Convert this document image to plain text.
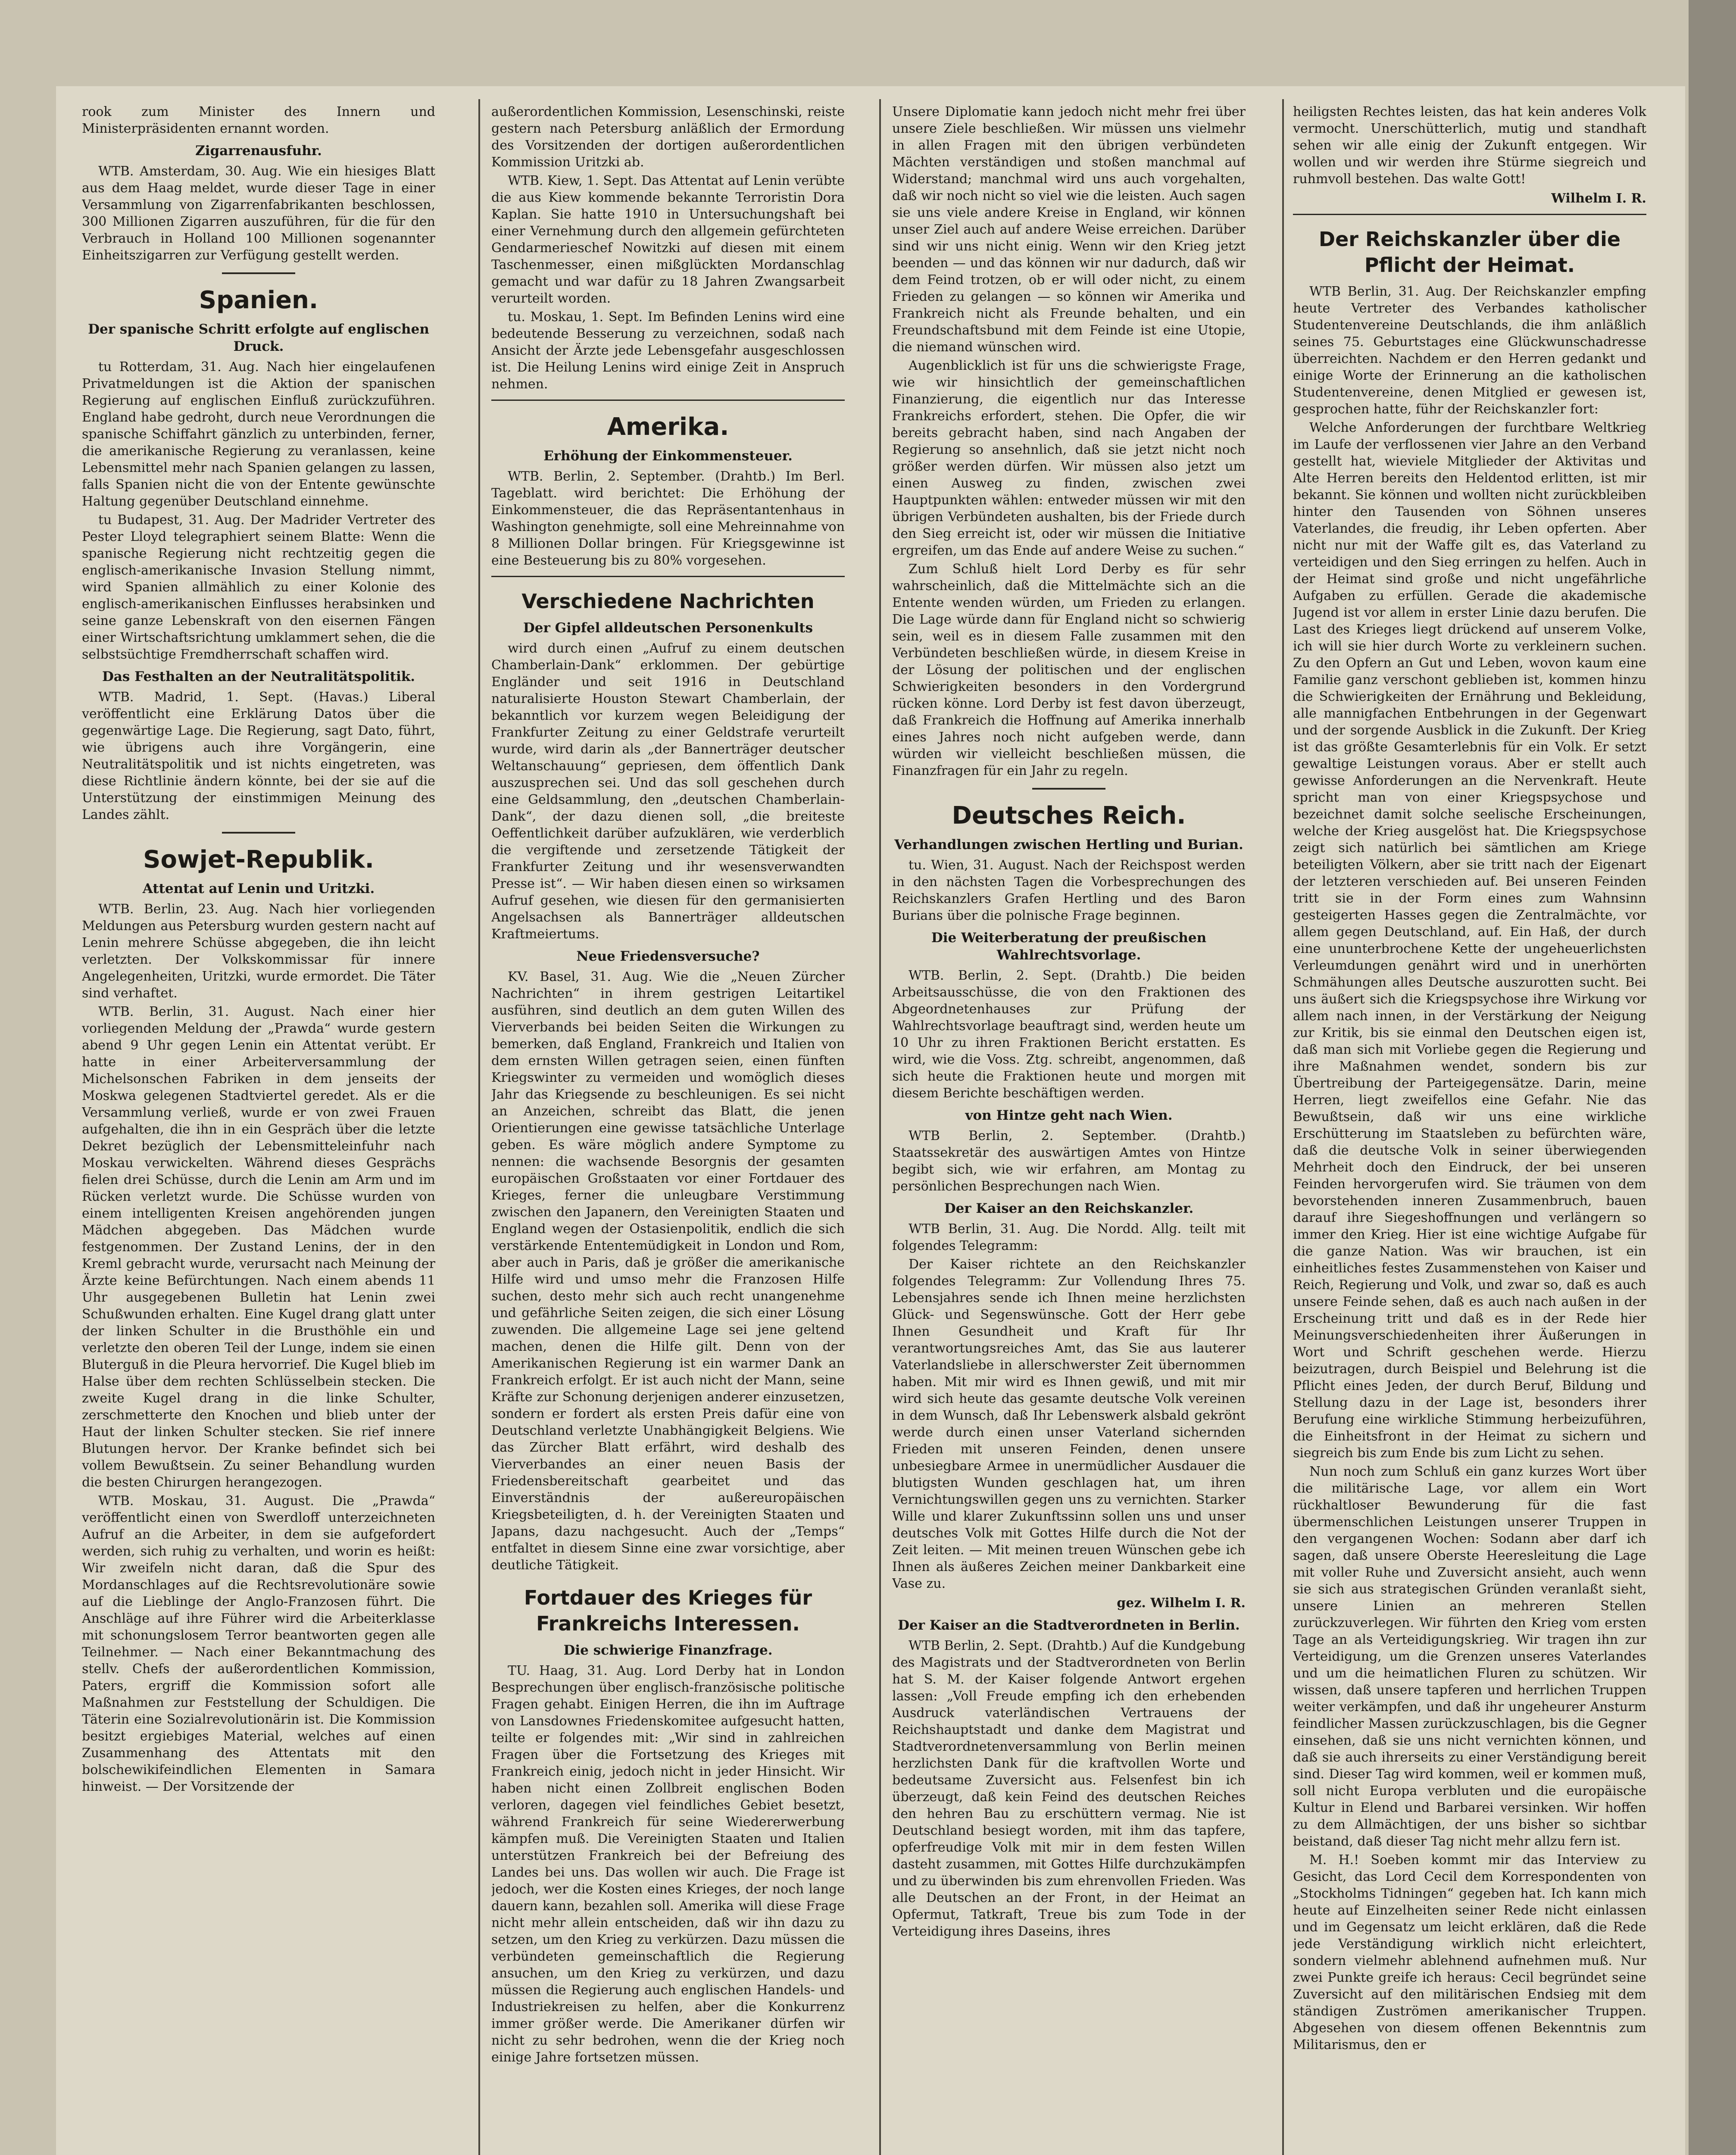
rook zum Minister des Innern und Ministerpräsidenten ernannt worden.

Zigarrenausfuhr.

WTB. Amsterdam, 30. Aug. Wie ein hiesiges Blatt aus dem Haag meldet, wurde dieser Tage in einer Versammlung von Zigarrenfabrikanten beschlossen, 300 Millionen Zigarren auszuführen, für die für den Verbrauch in Holland 100 Millionen sogenannter Einheitszigarren zur Verfügung gestellt werden.

Spanien.
Der spanische Schritt erfolgte auf englischen Druck.

tu Rotterdam, 31. Aug. Nach hier eingelaufenen Privatmeldungen ist die Aktion der spanischen Regierung auf englischen Einfluß zurückzuführen. England habe gedroht, durch neue Verordnungen die spanische Schiffahrt gänzlich zu unterbinden, ferner, die amerikanische Regierung zu veranlassen, keine Lebensmittel mehr nach Spanien gelangen zu lassen, falls Spanien nicht die von der Entente gewünschte Haltung gegenüber Deutschland einnehme.

tu Budapest, 31. Aug. Der Madrider Vertreter des Pester Lloyd telegraphiert seinem Blatte: Wenn die spanische Regierung nicht rechtzeitig gegen die englisch-amerikanische Invasion Stellung nimmt, wird Spanien allmählich zu einer Kolonie des englisch-amerikanischen Einflusses herabsinken und seine ganze Lebenskraft von den eisernen Fängen einer Wirtschaftsrichtung umklammert sehen, die die selbstsüchtige Fremdherrschaft schaffen wird.

Das Festhalten an der Neutralitätspolitik.

WTB. Madrid, 1. Sept. (Havas.) Liberal veröffentlicht eine Erklärung Datos über die gegenwärtige Lage. Die Regierung, sagt Dato, führt, wie übrigens auch ihre Vorgängerin, eine Neutralitätspolitik und ist nichts eingetreten, was diese Richtlinie ändern könnte, bei der sie auf die Unterstützung der einstimmigen Meinung des Landes zählt.

Sowjet-Republik.
Attentat auf Lenin und Uritzki.

WTB. Berlin, 23. Aug. Nach hier vorliegenden Meldungen aus Petersburg wurden gestern nacht auf Lenin mehrere Schüsse abgegeben, die ihn leicht verletzten. Der Volkskommissar für innere Angelegenheiten, Uritzki, wurde ermordet. Die Täter sind verhaftet.

WTB. Berlin, 31. August. Nach einer hier vorliegenden Meldung der „Prawda“ wurde gestern abend 9 Uhr gegen Lenin ein Attentat verübt. Er hatte in einer Arbeiterversammlung der Michelsonschen Fabriken in dem jenseits der Moskwa gelegenen Stadtviertel geredet. Als er die Versammlung verließ, wurde er von zwei Frauen aufgehalten, die ihn in ein Gespräch über die letzte Dekret bezüglich der Lebensmitteleinfuhr nach Moskau verwickelten. Während dieses Gesprächs fielen drei Schüsse, durch die Lenin am Arm und im Rücken verletzt wurde. Die Schüsse wurden von einem intelligenten Kreisen angehörenden jungen Mädchen abgegeben. Das Mädchen wurde festgenommen. Der Zustand Lenins, der in den Kreml gebracht wurde, verursacht nach Meinung der Ärzte keine Befürchtungen. Nach einem abends 11 Uhr ausgegebenen Bulletin hat Lenin zwei Schußwunden erhalten. Eine Kugel drang glatt unter der linken Schulter in die Brusthöhle ein und verletzte den oberen Teil der Lunge, indem sie einen Bluterguß in die Pleura hervorrief. Die Kugel blieb im Halse über dem rechten Schlüsselbein stecken. Die zweite Kugel drang in die linke Schulter, zerschmetterte den Knochen und blieb unter der Haut der linken Schulter stecken. Sie rief innere Blutungen hervor. Der Kranke befindet sich bei vollem Bewußtsein. Zu seiner Behandlung wurden die besten Chirurgen herangezogen.

WTB. Moskau, 31. August. Die „Prawda“ veröffentlicht einen von Swerdloff unterzeichneten Aufruf an die Arbeiter, in dem sie aufgefordert werden, sich ruhig zu verhalten, und worin es heißt: Wir zweifeln nicht daran, daß die Spur des Mordanschlages auf die Rechtsrevolutionäre sowie auf die Lieblinge der Anglo-Franzosen führt. Die Anschläge auf ihre Führer wird die Arbeiterklasse mit schonungslosem Terror beantworten gegen alle Teilnehmer. — Nach einer Bekanntmachung des stellv. Chefs der außerordentlichen Kommission, Paters, ergriff die Kommission sofort alle Maßnahmen zur Feststellung der Schuldigen. Die Täterin eine Sozialrevolutionärin ist. Die Kommission besitzt ergiebiges Material, welches auf einen Zusammenhang des Attentats mit den bolschewikifeindlichen Elementen in Samara hinweist. — Der Vorsitzende der

außerordentlichen Kommission, Lesenschinski, reiste gestern nach Petersburg anläßlich der Ermordung des Vorsitzenden der dortigen außerordentlichen Kommission Uritzki ab.

WTB. Kiew, 1. Sept. Das Attentat auf Lenin verübte die aus Kiew kommende bekannte Terroristin Dora Kaplan. Sie hatte 1910 in Untersuchungshaft bei einer Vernehmung durch den allgemein gefürchteten Gendarmerieschef Nowitzki auf diesen mit einem Taschenmesser, einen mißglückten Mordanschlag gemacht und war dafür zu 18 Jahren Zwangsarbeit verurteilt worden.

tu. Moskau, 1. Sept. Im Befinden Lenins wird eine bedeutende Besserung zu verzeichnen, sodaß nach Ansicht der Ärzte jede Lebensgefahr ausgeschlossen ist. Die Heilung Lenins wird einige Zeit in Anspruch nehmen.

Amerika.
Erhöhung der Einkommensteuer.

WTB. Berlin, 2. September. (Drahtb.) Im Berl. Tageblatt. wird berichtet: Die Erhöhung der Einkommensteuer, die das Repräsentantenhaus in Washington genehmigte, soll eine Mehreinnahme von 8 Millionen Dollar bringen. Für Kriegsgewinne ist eine Besteuerung bis zu 80% vorgesehen.

Verschiedene Nachrichten
Der Gipfel alldeutschen Personenkults

wird durch einen „Aufruf zu einem deutschen Chamberlain-Dank“ erklommen. Der gebürtige Engländer und seit 1916 in Deutschland naturalisierte Houston Stewart Chamberlain, der bekanntlich vor kurzem wegen Beleidigung der Frankfurter Zeitung zu einer Geldstrafe verurteilt wurde, wird darin als „der Bannerträger deutscher Weltanschauung“ gepriesen, dem öffentlich Dank auszusprechen sei. Und das soll geschehen durch eine Geldsammlung, den „deutschen Chamberlain-Dank“, der dazu dienen soll, „die breiteste Oeffentlichkeit darüber aufzuklären, wie verderblich die vergiftende und zersetzende Tätigkeit der Frankfurter Zeitung und ihr wesensverwandten Presse ist“. — Wir haben diesen einen so wirksamen Aufruf gesehen, wie diesen für den germanisierten Angelsachsen als Bannerträger alldeutschen Kraftmeiertums.

Neue Friedensversuche?

KV. Basel, 31. Aug. Wie die „Neuen Zürcher Nachrichten“ in ihrem gestrigen Leitartikel ausführen, sind deutlich an dem guten Willen des Vierverbands bei beiden Seiten die Wirkungen zu bemerken, daß England, Frankreich und Italien von dem ernsten Willen getragen seien, einen fünften Kriegswinter zu vermeiden und womöglich dieses Jahr das Kriegsende zu beschleunigen. Es sei nicht an Anzeichen, schreibt das Blatt, die jenen Orientierungen eine gewisse tatsächliche Unterlage geben. Es wäre möglich andere Symptome zu nennen: die wachsende Besorgnis der gesamten europäischen Großstaaten vor einer Fortdauer des Krieges, ferner die unleugbare Verstimmung zwischen den Japanern, den Vereinigten Staaten und England wegen der Ostasienpolitik, endlich die sich verstärkende Ententemüdigkeit in London und Rom, aber auch in Paris, daß je größer die amerikanische Hilfe wird und umso mehr die Franzosen Hilfe suchen, desto mehr sich auch recht unangenehme und gefährliche Seiten zeigen, die sich einer Lösung zuwenden. Die allgemeine Lage sei jene geltend machen, denen die Hilfe gilt. Denn von der Amerikanischen Regierung ist ein warmer Dank an Frankreich erfolgt. Er ist auch nicht der Mann, seine Kräfte zur Schonung derjenigen anderer einzusetzen, sondern er fordert als ersten Preis dafür eine von Deutschland verletzte Unabhängigkeit Belgiens. Wie das Zürcher Blatt erfährt, wird deshalb des Vierverbandes an einer neuen Basis der Friedensbereitschaft gearbeitet und das Einverständnis der außereuropäischen Kriegsbeteiligten, d. h. der Vereinigten Staaten und Japans, dazu nachgesucht. Auch der „Temps“ entfaltet in diesem Sinne eine zwar vorsichtige, aber deutliche Tätigkeit.

Fortdauer des Krieges für Frankreichs Interessen.
Die schwierige Finanzfrage.

TU. Haag, 31. Aug. Lord Derby hat in London Besprechungen über englisch-französische politische Fragen gehabt. Einigen Herren, die ihn im Auftrage von Lansdownes Friedenskomitee aufgesucht hatten, teilte er folgendes mit: „Wir sind in zahlreichen Fragen über die Fortsetzung des Krieges mit Frankreich einig, jedoch nicht in jeder Hinsicht. Wir haben nicht einen Zollbreit englischen Boden verloren, dagegen viel feindliches Gebiet besetzt, während Frankreich für seine Wiedererwerbung kämpfen muß. Die Vereinigten Staaten und Italien unterstützen Frankreich bei der Befreiung des Landes bei uns. Das wollen wir auch. Die Frage ist jedoch, wer die Kosten eines Krieges, der noch lange dauern kann, bezahlen soll. Amerika will diese Frage nicht mehr allein entscheiden, daß wir ihn dazu zu setzen, um den Krieg zu verkürzen. Dazu müssen die verbündeten gemeinschaftlich die Regierung ansuchen, um den Krieg zu verkürzen, und dazu müssen die Regierung auch englischen Handels- und Industriekreisen zu helfen, aber die Konkurrenz immer größer werde. Die Amerikaner dürfen wir nicht zu sehr bedrohen, wenn die der Krieg noch einige Jahre fortsetzen müssen.

Unsere Diplomatie kann jedoch nicht mehr frei über unsere Ziele beschließen. Wir müssen uns vielmehr in allen Fragen mit den übrigen verbündeten Mächten verständigen und stoßen manchmal auf Widerstand; manchmal wird uns auch vorgehalten, daß wir noch nicht so viel wie die leisten. Auch sagen sie uns viele andere Kreise in England, wir können unser Ziel auch auf andere Weise erreichen. Darüber sind wir uns nicht einig. Wenn wir den Krieg jetzt beenden — und das können wir nur dadurch, daß wir dem Feind trotzen, ob er will oder nicht, zu einem Frieden zu gelangen — so können wir Amerika und Frankreich nicht als Freunde behalten, und ein Freundschaftsbund mit dem Feinde ist eine Utopie, die niemand wünschen wird.

Augenblicklich ist für uns die schwierigste Frage, wie wir hinsichtlich der gemeinschaftlichen Finanzierung, die eigentlich nur das Interesse Frankreichs erfordert, stehen. Die Opfer, die wir bereits gebracht haben, sind nach Angaben der Regierung so ansehnlich, daß sie jetzt nicht noch größer werden dürfen. Wir müssen also jetzt um einen Ausweg zu finden, zwischen zwei Hauptpunkten wählen: entweder müssen wir mit den übrigen Verbündeten aushalten, bis der Friede durch den Sieg erreicht ist, oder wir müssen die Initiative ergreifen, um das Ende auf andere Weise zu suchen.“

Zum Schluß hielt Lord Derby es für sehr wahrscheinlich, daß die Mittelmächte sich an die Entente wenden würden, um Frieden zu erlangen. Die Lage würde dann für England nicht so schwierig sein, weil es in diesem Falle zusammen mit den Verbündeten beschließen würde, in diesem Kreise in der Lösung der politischen und der englischen Schwierigkeiten besonders in den Vordergrund rücken könne. Lord Derby ist fest davon überzeugt, daß Frankreich die Hoffnung auf Amerika innerhalb eines Jahres noch nicht aufgeben werde, dann würden wir vielleicht beschließen müssen, die Finanzfragen für ein Jahr zu regeln.

Deutsches Reich.
Verhandlungen zwischen Hertling und Burian.

tu. Wien, 31. August. Nach der Reichspost werden in den nächsten Tagen die Vorbesprechungen des Reichskanzlers Grafen Hertling und des Baron Burians über die polnische Frage beginnen.

Die Weiterberatung der preußischen Wahlrechtsvorlage.

WTB. Berlin, 2. Sept. (Drahtb.) Die beiden Arbeitsausschüsse, die von den Fraktionen des Abgeordnetenhauses zur Prüfung der Wahlrechtsvorlage beauftragt sind, werden heute um 10 Uhr zu ihren Fraktionen Bericht erstatten. Es wird, wie die Voss. Ztg. schreibt, angenommen, daß sich heute die Fraktionen heute und morgen mit diesem Berichte beschäftigen werden.

von Hintze geht nach Wien.

WTB Berlin, 2. September. (Drahtb.) Staatssekretär des auswärtigen Amtes von Hintze begibt sich, wie wir erfahren, am Montag zu persönlichen Besprechungen nach Wien.

Der Kaiser an den Reichskanzler.

WTB Berlin, 31. Aug. Die Nordd. Allg. teilt mit folgendes Telegramm:

Der Kaiser richtete an den Reichskanzler folgendes Telegramm: Zur Vollendung Ihres 75. Lebensjahres sende ich Ihnen meine herzlichsten Glück- und Segenswünsche. Gott der Herr gebe Ihnen Gesundheit und Kraft für Ihr verantwortungsreiches Amt, das Sie aus lauterer Vaterlandsliebe in allerschwerster Zeit übernommen haben. Mit mir wird es Ihnen gewiß, und mit mir wird sich heute das gesamte deutsche Volk vereinen in dem Wunsch, daß Ihr Lebenswerk alsbald gekrönt werde durch einen unser Vaterland sichernden Frieden mit unseren Feinden, denen unsere unbesiegbare Armee in unermüdlicher Ausdauer die blutigsten Wunden geschlagen hat, um ihren Vernichtungswillen gegen uns zu vernichten. Starker Wille und klarer Zukunftssinn sollen uns und unser deutsches Volk mit Gottes Hilfe durch die Not der Zeit leiten. — Mit meinen treuen Wünschen gebe ich Ihnen als äußeres Zeichen meiner Dankbarkeit eine Vase zu.

gez. Wilhelm I. R.
Der Kaiser an die Stadtverordneten in Berlin.

WTB Berlin, 2. Sept. (Drahtb.) Auf die Kundgebung des Magistrats und der Stadtverordneten von Berlin hat S. M. der Kaiser folgende Antwort ergehen lassen: „Voll Freude empfing ich den erhebenden Ausdruck vaterländischen Vertrauens der Reichshauptstadt und danke dem Magistrat und Stadtverordnetenversammlung von Berlin meinen herzlichsten Dank für die kraftvollen Worte und bedeutsame Zuversicht aus. Felsenfest bin ich überzeugt, daß kein Feind des deutschen Reiches den hehren Bau zu erschüttern vermag. Nie ist Deutschland besiegt worden, mit ihm das tapfere, opferfreudige Volk mit mir in dem festen Willen dasteht zusammen, mit Gottes Hilfe durchzukämpfen und zu überwinden bis zum ehrenvollen Frieden. Was alle Deutschen an der Front, in der Heimat an Opfermut, Tatkraft, Treue bis zum Tode in der Verteidigung ihres Daseins, ihres

heiligsten Rechtes leisten, das hat kein anderes Volk vermocht. Unerschütterlich, mutig und standhaft sehen wir alle einig der Zukunft entgegen. Wir wollen und wir werden ihre Stürme siegreich und ruhmvoll bestehen. Das walte Gott!

Wilhelm I. R.
Der Reichskanzler über die Pflicht der Heimat.

WTB Berlin, 31. Aug. Der Reichskanzler empfing heute Vertreter des Verbandes katholischer Studentenvereine Deutschlands, die ihm anläßlich seines 75. Geburtstages eine Glückwunschadresse überreichten. Nachdem er den Herren gedankt und einige Worte der Erinnerung an die katholischen Studentenvereine, denen Mitglied er gewesen ist, gesprochen hatte, führ der Reichskanzler fort:

Welche Anforderungen der furchtbare Weltkrieg im Laufe der verflossenen vier Jahre an den Verband gestellt hat, wieviele Mitglieder der Aktivitas und Alte Herren bereits den Heldentod erlitten, ist mir bekannt. Sie können und wollten nicht zurückbleiben hinter den Tausenden von Söhnen unseres Vaterlandes, die freudig, ihr Leben opferten. Aber nicht nur mit der Waffe gilt es, das Vaterland zu verteidigen und den Sieg erringen zu helfen. Auch in der Heimat sind große und nicht ungefährliche Aufgaben zu erfüllen. Gerade die akademische Jugend ist vor allem in erster Linie dazu berufen. Die Last des Krieges liegt drückend auf unserem Volke, ich will sie hier durch Worte zu verkleinern suchen. Zu den Opfern an Gut und Leben, wovon kaum eine Familie ganz verschont geblieben ist, kommen hinzu die Schwierigkeiten der Ernährung und Bekleidung, alle mannigfachen Entbehrungen in der Gegenwart und der sorgende Ausblick in die Zukunft. Der Krieg ist das größte Gesamterlebnis für ein Volk. Er setzt gewaltige Leistungen voraus. Aber er stellt auch gewisse Anforderungen an die Nervenkraft. Heute spricht man von einer Kriegspsychose und bezeichnet damit solche seelische Erscheinungen, welche der Krieg ausgelöst hat. Die Kriegspsychose zeigt sich natürlich bei sämtlichen am Kriege beteiligten Völkern, aber sie tritt nach der Eigenart der letzteren verschieden auf. Bei unseren Feinden tritt sie in der Form eines zum Wahnsinn gesteigerten Hasses gegen die Zentralmächte, vor allem gegen Deutschland, auf. Ein Haß, der durch eine ununterbrochene Kette der ungeheuerlichsten Verleumdungen genährt wird und in unerhörten Schmähungen alles Deutsche auszurotten sucht. Bei uns äußert sich die Kriegspsychose ihre Wirkung vor allem nach innen, in der Verstärkung der Neigung zur Kritik, bis sie einmal den Deutschen eigen ist, daß man sich mit Vorliebe gegen die Regierung und ihre Maßnahmen wendet, sondern bis zur Übertreibung der Parteigegensätze. Darin, meine Herren, liegt zweifellos eine Gefahr. Nie das Bewußtsein, daß wir uns eine wirkliche Erschütterung im Staatsleben zu befürchten wäre, daß die deutsche Volk in seiner überwiegenden Mehrheit doch den Eindruck, der bei unseren Feinden hervorgerufen wird. Sie träumen von dem bevorstehenden inneren Zusammenbruch, bauen darauf ihre Siegeshoffnungen und verlängern so immer den Krieg. Hier ist eine wichtige Aufgabe für die ganze Nation. Was wir brauchen, ist ein einheitliches festes Zusammenstehen von Kaiser und Reich, Regierung und Volk, und zwar so, daß es auch unsere Feinde sehen, daß es auch nach außen in der Erscheinung tritt und daß es in der Rede hier Meinungsverschiedenheiten ihrer Äußerungen in Wort und Schrift geschehen werde. Hierzu beizutragen, durch Beispiel und Belehrung ist die Pflicht eines Jeden, der durch Beruf, Bildung und Stellung dazu in der Lage ist, besonders ihrer Berufung eine wirkliche Stimmung herbeizuführen, die Einheitsfront in der Heimat zu sichern und siegreich bis zum Ende bis zum Licht zu sehen.

Nun noch zum Schluß ein ganz kurzes Wort über die militärische Lage, vor allem ein Wort rückhaltloser Bewunderung für die fast übermenschlichen Leistungen unserer Truppen in den vergangenen Wochen: Sodann aber darf ich sagen, daß unsere Oberste Heeresleitung die Lage mit voller Ruhe und Zuversicht ansieht, auch wenn sie sich aus strategischen Gründen veranlaßt sieht, unsere Linien an mehreren Stellen zurückzuverlegen. Wir führten den Krieg vom ersten Tage an als Verteidigungskrieg. Wir tragen ihn zur Verteidigung, um die Grenzen unseres Vaterlandes und um die heimatlichen Fluren zu schützen. Wir wissen, daß unsere tapferen und herrlichen Truppen weiter verkämpfen, und daß ihr ungeheurer Ansturm feindlicher Massen zurückzuschlagen, bis die Gegner einsehen, daß sie uns nicht vernichten können, und daß sie auch ihrerseits zu einer Verständigung bereit sind. Dieser Tag wird kommen, weil er kommen muß, soll nicht Europa verbluten und die europäische Kultur in Elend und Barbarei versinken. Wir hoffen zu dem Allmächtigen, der uns bisher so sichtbar beistand, daß dieser Tag nicht mehr allzu fern ist.

M. H.! Soeben kommt mir das Interview zu Gesicht, das Lord Cecil dem Korrespondenten von „Stockholms Tidningen“ gegeben hat. Ich kann mich heute auf Einzelheiten seiner Rede nicht einlassen und im Gegensatz um leicht erklären, daß die Rede jede Verständigung wirklich nicht erleichtert, sondern vielmehr ablehnend aufnehmen muß. Nur zwei Punkte greife ich heraus: Cecil begründet seine Zuversicht auf den militärischen Endsieg mit dem ständigen Zuströmen amerikanischer Truppen. Abgesehen von diesem offenen Bekenntnis zum Militarismus, den er
